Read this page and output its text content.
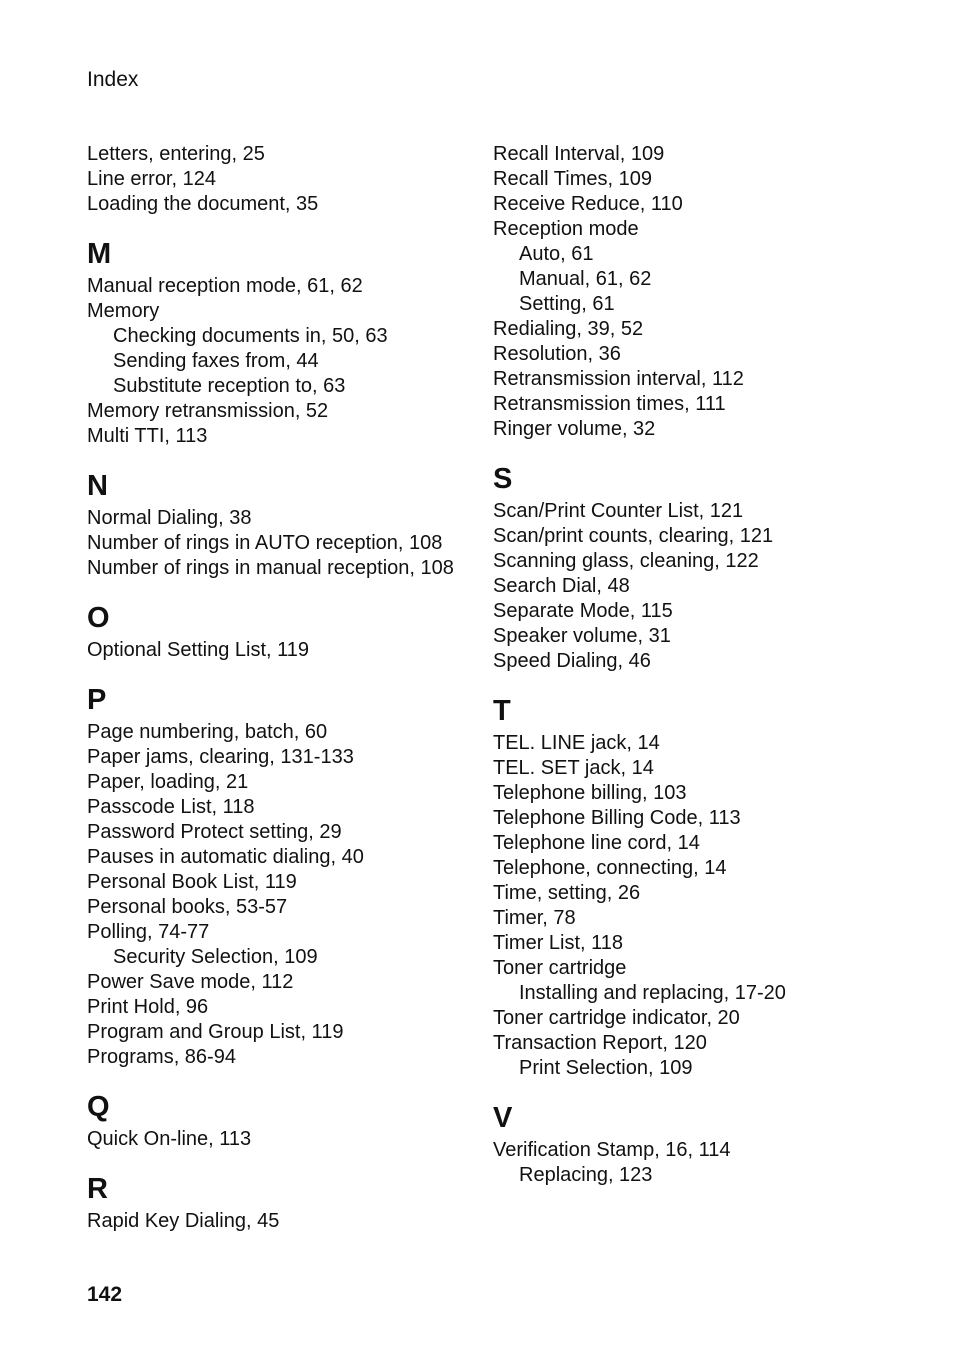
Index
Letters, entering, 25
Line error, 124
Loading the document, 35
M
Manual reception mode, 61, 62
Memory
Checking documents in, 50, 63
Sending faxes from, 44
Substitute reception to, 63
Memory retransmission, 52
Multi TTI, 113
N
Normal Dialing, 38
Number of rings in AUTO reception, 108
Number of rings in manual reception, 108
O
Optional Setting List, 119
P
Page numbering, batch, 60
Paper jams, clearing, 131-133
Paper, loading, 21
Passcode List, 118
Password Protect setting, 29
Pauses in automatic dialing, 40
Personal Book List, 119
Personal books, 53-57
Polling, 74-77
Security Selection, 109
Power Save mode, 112
Print Hold, 96
Program and Group List, 119
Programs, 86-94
Q
Quick On-line, 113
R
Rapid Key Dialing, 45
Recall Interval, 109
Recall Times, 109
Receive Reduce, 110
Reception mode
Auto, 61
Manual, 61, 62
Setting, 61
Redialing, 39, 52
Resolution, 36
Retransmission interval, 112
Retransmission times, 111
Ringer volume, 32
S
Scan/Print Counter List, 121
Scan/print counts, clearing, 121
Scanning glass, cleaning, 122
Search Dial, 48
Separate Mode, 115
Speaker volume, 31
Speed Dialing, 46
T
TEL. LINE jack, 14
TEL. SET jack, 14
Telephone billing, 103
Telephone Billing Code, 113
Telephone line cord, 14
Telephone, connecting, 14
Time, setting, 26
Timer, 78
Timer List, 118
Toner cartridge
Installing and replacing, 17-20
Toner cartridge indicator, 20
Transaction Report, 120
Print Selection, 109
V
Verification Stamp, 16, 114
Replacing, 123
142
